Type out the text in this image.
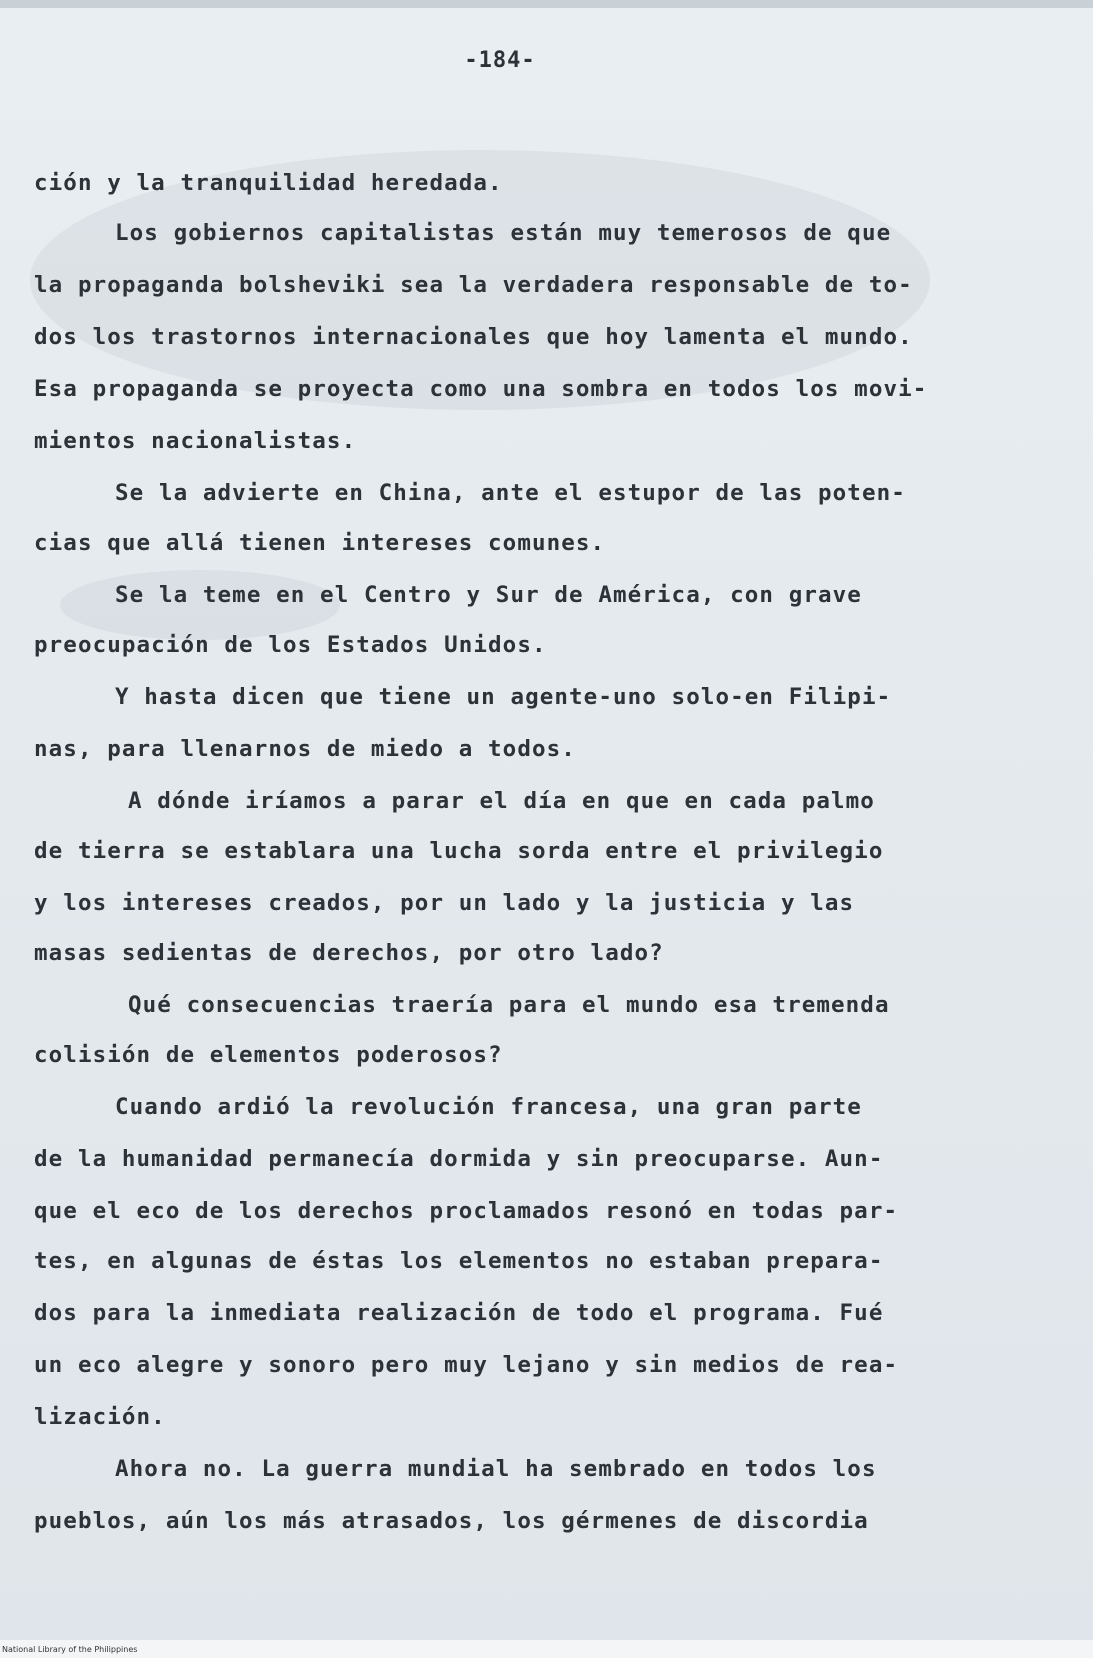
-184-
ción y la tranquilidad heredada.
Los gobiernos capitalistas están muy temerosos de que
la propaganda bolsheviki sea la verdadera responsable de to-
dos los trastornos internacionales que hoy lamenta el mundo.
Esa propaganda se proyecta como una sombra en todos los movi-
mientos nacionalistas.
Se la advierte en China, ante el estupor de las poten-
cias que allá tienen intereses comunes.
Se la teme en el Centro y Sur de América, con grave
preocupación de los Estados Unidos.
Y hasta dicen que tiene un agente-uno solo-en Filipi-
nas, para llenarnos de miedo a todos.
A dónde iríamos a parar el día en que en cada palmo
de tierra se establara una lucha sorda entre el privilegio
y los intereses creados, por un lado y la justicia y las
masas sedientas de derechos, por otro lado?
Qué consecuencias traería para el mundo esa tremenda
colisión de elementos poderosos?
Cuando ardió la revolución francesa, una gran parte
de la humanidad permanecía dormida y sin preocuparse. Aun-
que el eco de los derechos proclamados resonó en todas par-
tes, en algunas de éstas los elementos no estaban prepara-
dos para la inmediata realización de todo el programa. Fué
un eco alegre y sonoro pero muy lejano y sin medios de rea-
lización.
Ahora no. La guerra mundial ha sembrado en todos los
pueblos, aún los más atrasados, los gérmenes de discordia
National Library of the Philippines
